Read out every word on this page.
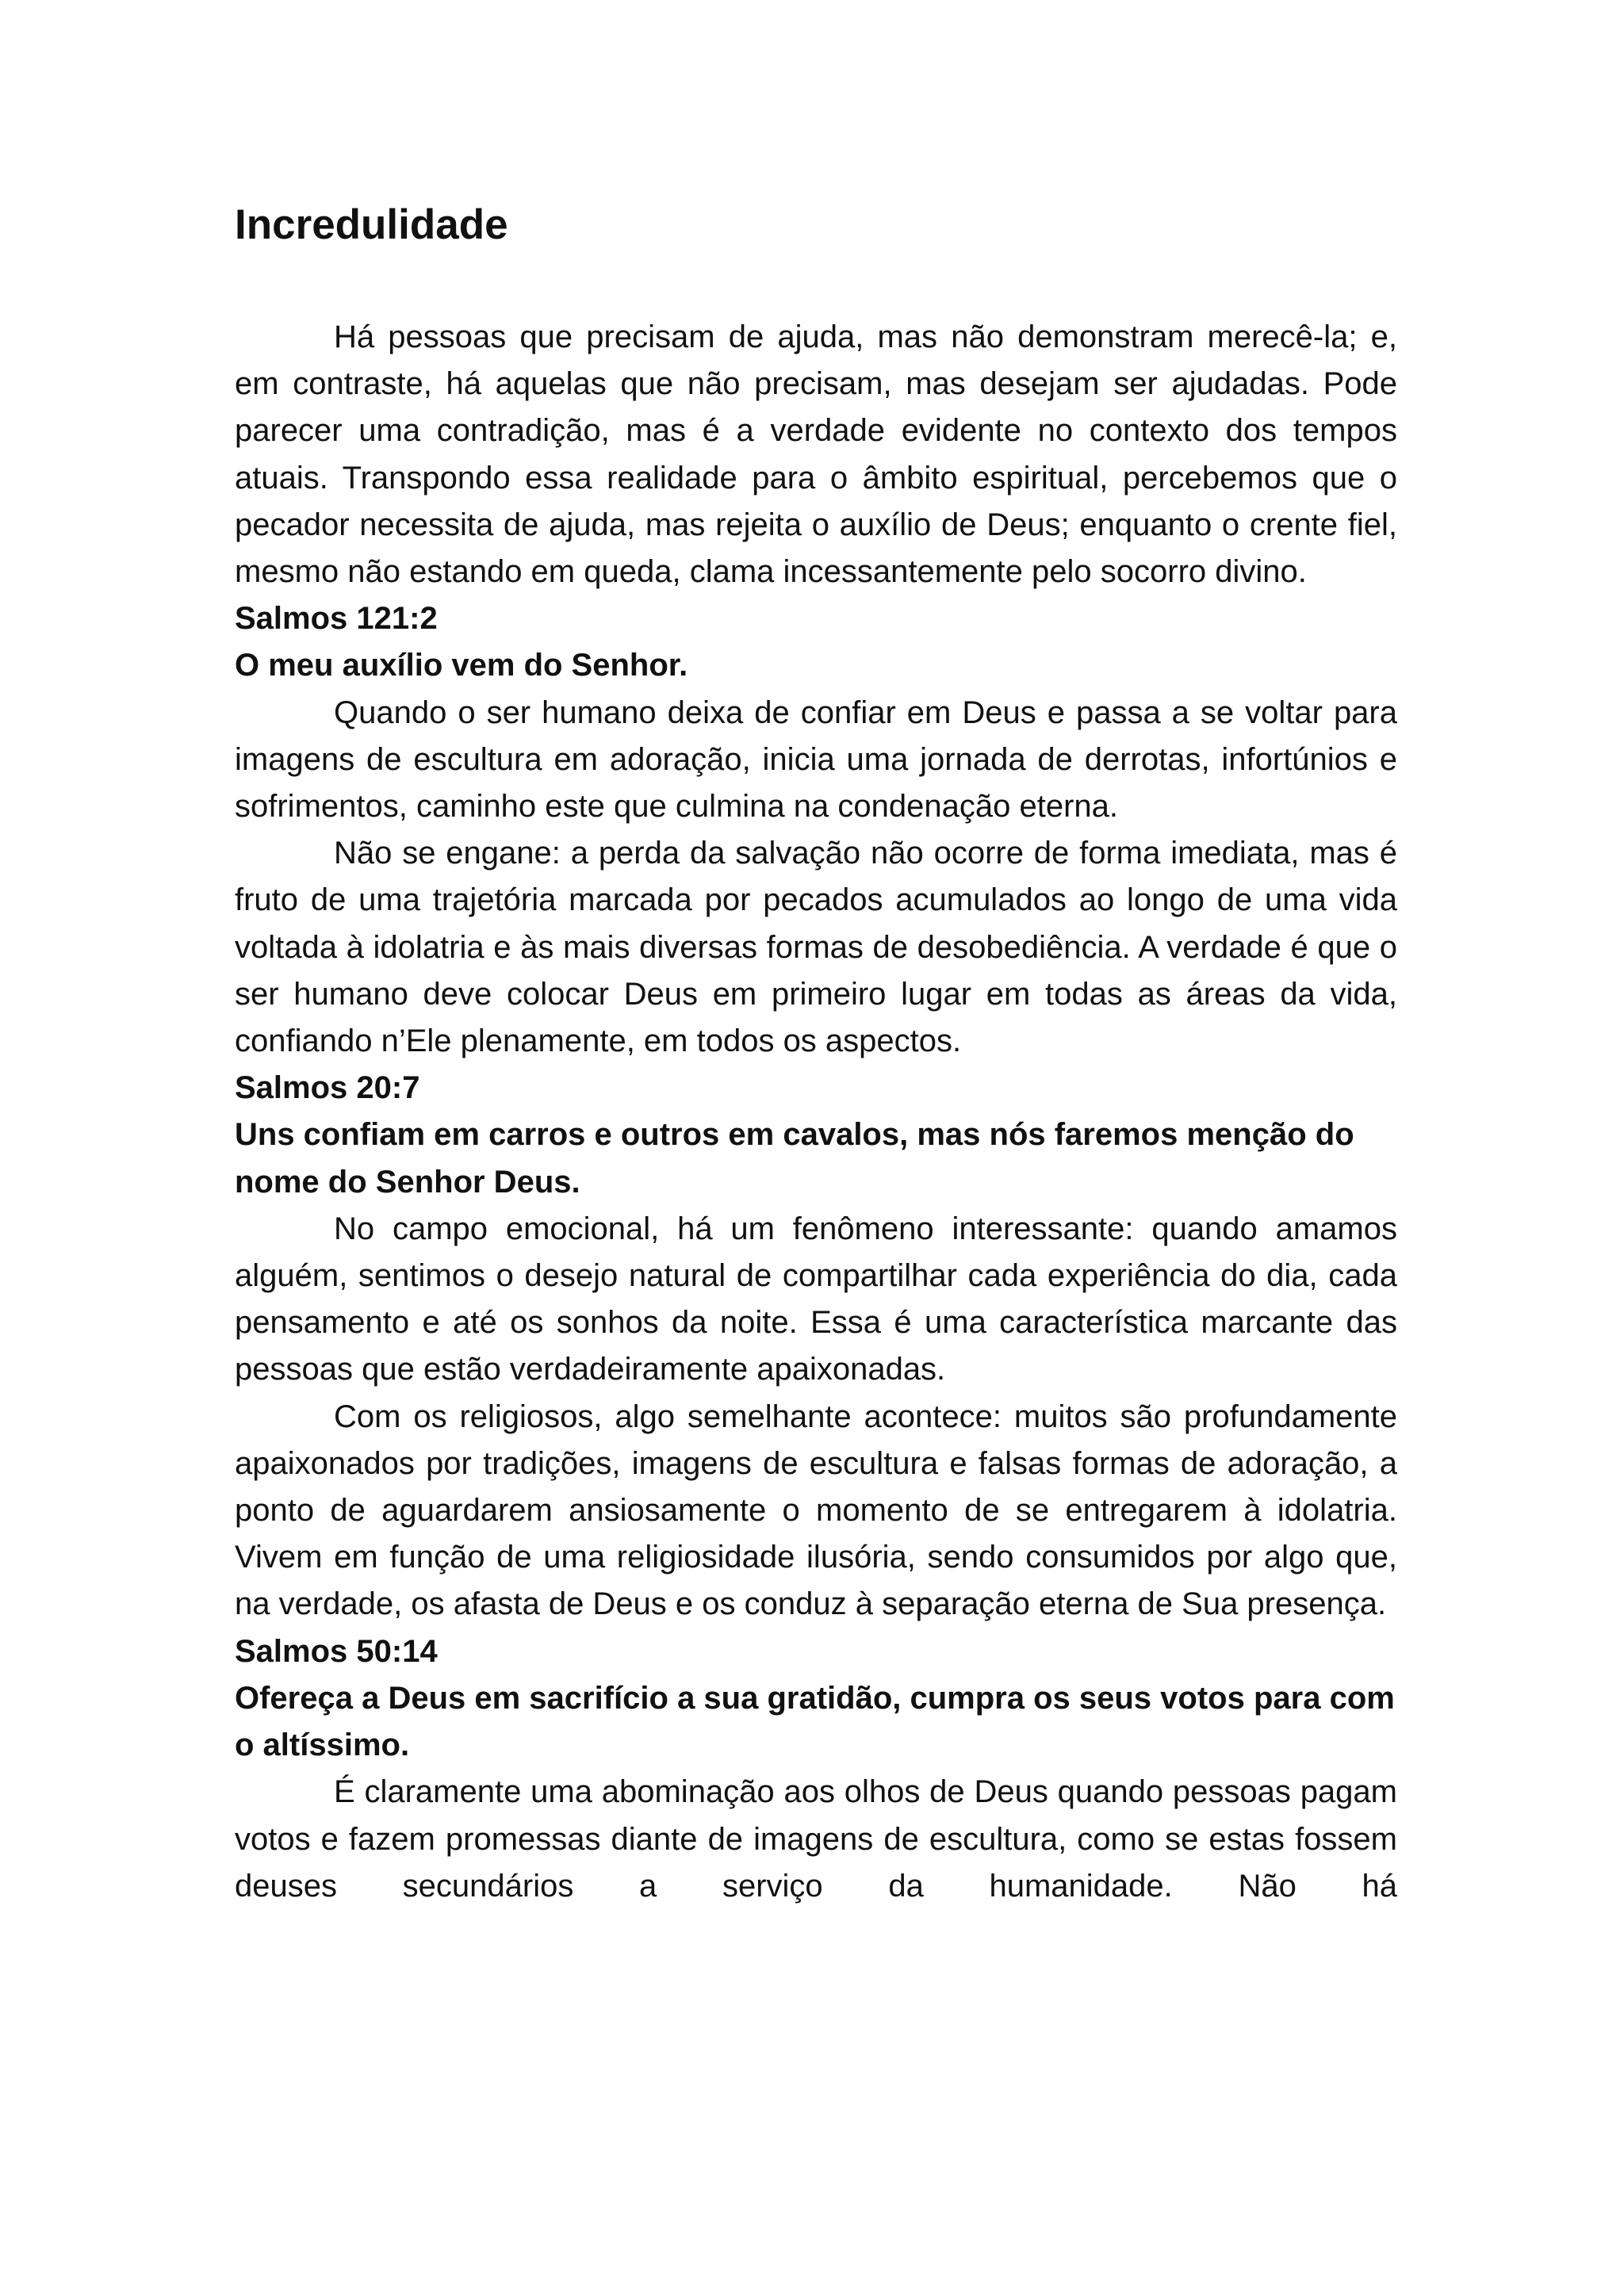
Incredulidade

Há pessoas que precisam de ajuda, mas não demonstram merecê-la; e, em contraste, há aquelas que não precisam, mas desejam ser ajudadas. Pode parecer uma contradição, mas é a verdade evidente no contexto dos tempos atuais. Transpondo essa realidade para o âmbito espiritual, percebemos que o pecador necessita de ajuda, mas rejeita o auxílio de Deus; enquanto o crente fiel, mesmo não estando em queda, clama incessantemente pelo socorro divino.

Salmos 121:2

O meu auxílio vem do Senhor.

Quando o ser humano deixa de confiar em Deus e passa a se voltar para imagens de escultura em adoração, inicia uma jornada de derrotas, infortúnios e sofrimentos, caminho este que culmina na condenação eterna.

Não se engane: a perda da salvação não ocorre de forma imediata, mas é fruto de uma trajetória marcada por pecados acumulados ao longo de uma vida voltada à idolatria e às mais diversas formas de desobediência. A verdade é que o ser humano deve colocar Deus em primeiro lugar em todas as áreas da vida, confiando n’Ele plenamente, em todos os aspectos.

Salmos 20:7

Uns confiam em carros e outros em cavalos, mas nós faremos menção do nome do Senhor Deus.

No campo emocional, há um fenômeno interessante: quando amamos alguém, sentimos o desejo natural de compartilhar cada experiência do dia, cada pensamento e até os sonhos da noite. Essa é uma característica marcante das pessoas que estão verdadeiramente apaixonadas.

Com os religiosos, algo semelhante acontece: muitos são profundamente apaixonados por tradições, imagens de escultura e falsas formas de adoração, a ponto de aguardarem ansiosamente o momento de se entregarem à idolatria. Vivem em função de uma religiosidade ilusória, sendo consumidos por algo que, na verdade, os afasta de Deus e os conduz à separação eterna de Sua presença.

Salmos 50:14

Ofereça a Deus em sacrifício a sua gratidão, cumpra os seus votos para com o altíssimo.

É claramente uma abominação aos olhos de Deus quando pessoas pagam votos e fazem promessas diante de imagens de escultura, como se estas fossem deuses secundários a serviço da humanidade. Não há
